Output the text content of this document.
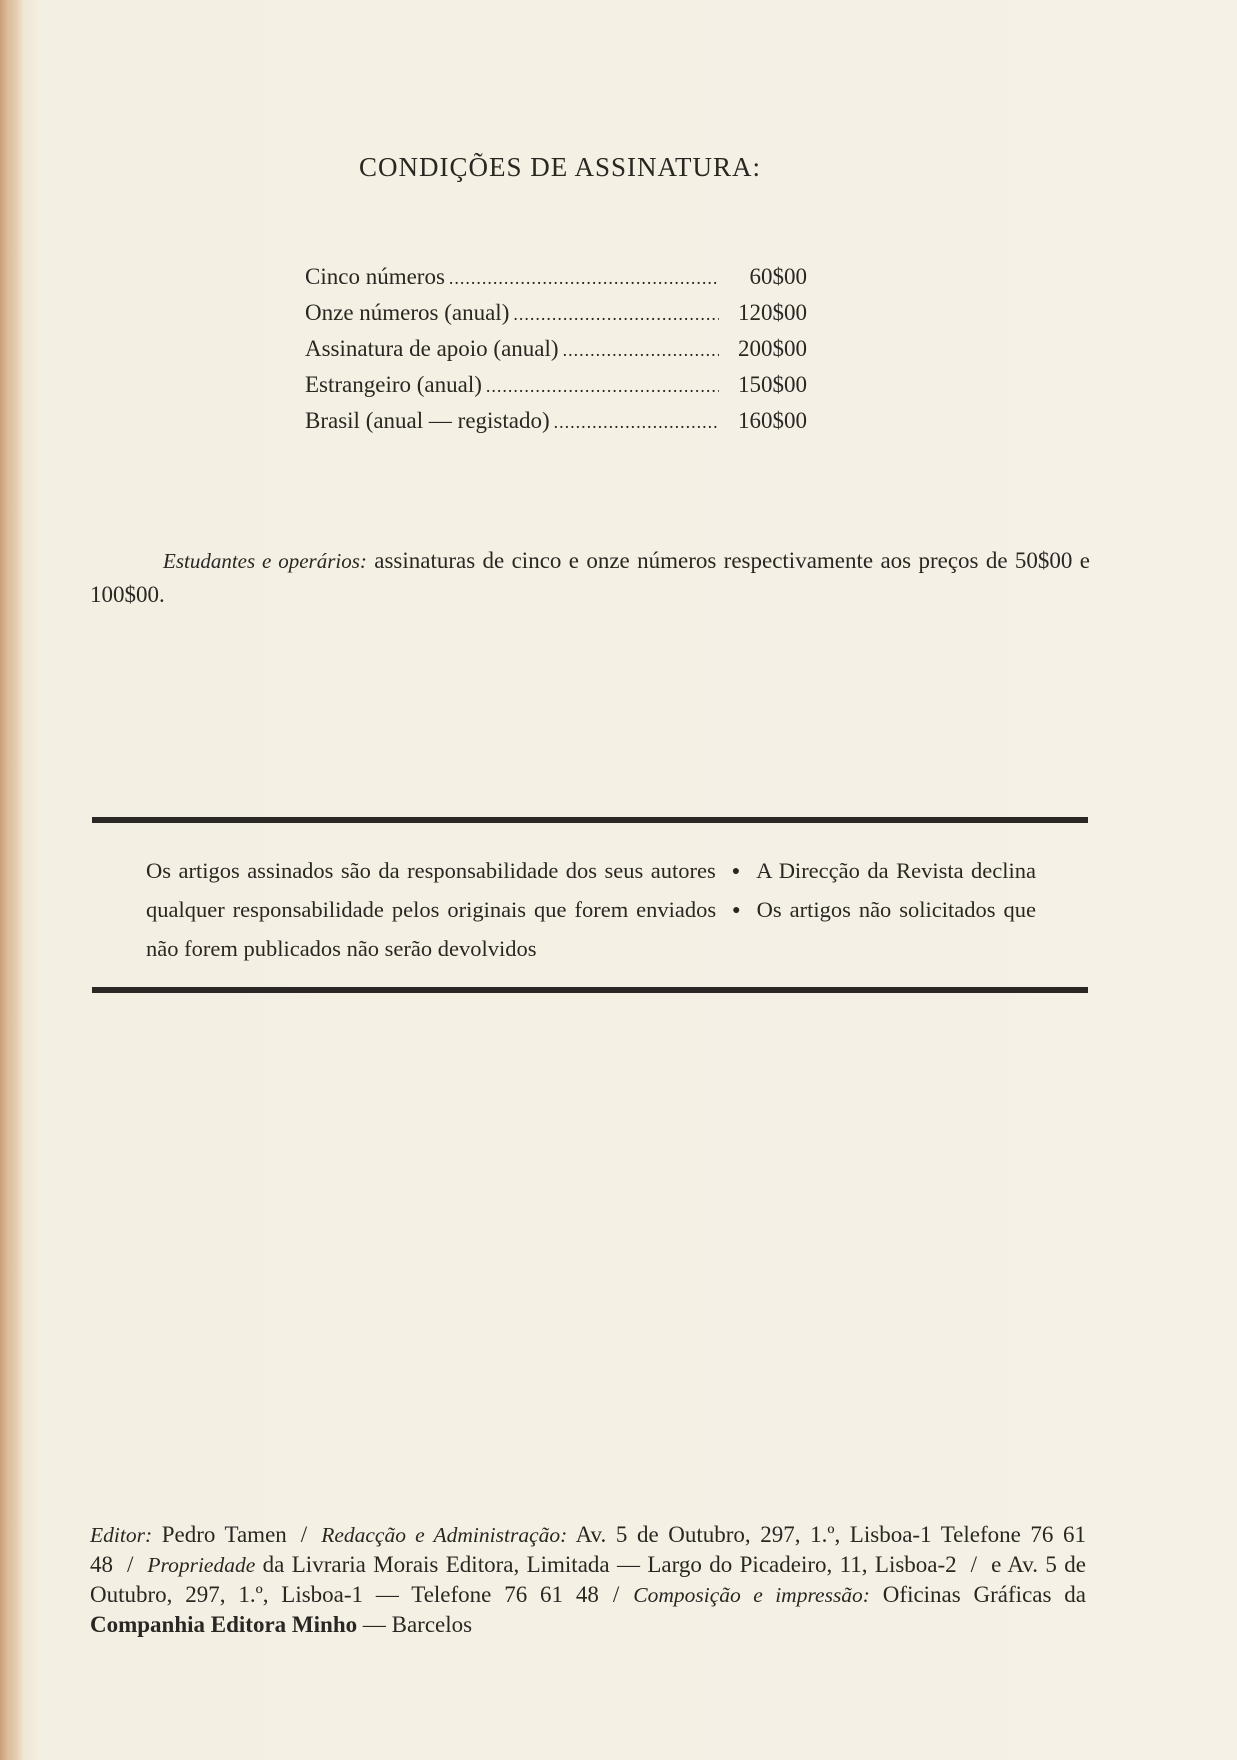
CONDIÇÕES DE ASSINATURA:
Cinco números .....	60$00
Onze números (anual) .....	120$00
Assinatura de apoio (anual) .....	200$00
Estrangeiro (anual) .....	150$00
Brasil (anual — registado) .....	160$00
Estudantes e operários: assinaturas de cinco e onze números respectivamente aos preços de 50$00 e 100$00.
Os artigos assinados são da responsabilidade dos seus autores ● A Direcção da Revista declina qualquer responsabilidade pelos originais que forem enviados ● Os artigos não solicitados que não forem publicados não serão devolvidos
Editor: Pedro Tamen / Redacção e Administração: Av. 5 de Outubro, 297, 1.º, Lisboa-1 Telefone 76 61 48 / Propriedade da Livraria Morais Editora, Limitada — Largo do Picadeiro, 11, Lisboa-2 / e Av. 5 de Outubro, 297, 1.º, Lisboa-1 — Telefone 76 61 48 / Composição e impressão: Oficinas Gráficas da Companhia Editora Minho — Barcelos
